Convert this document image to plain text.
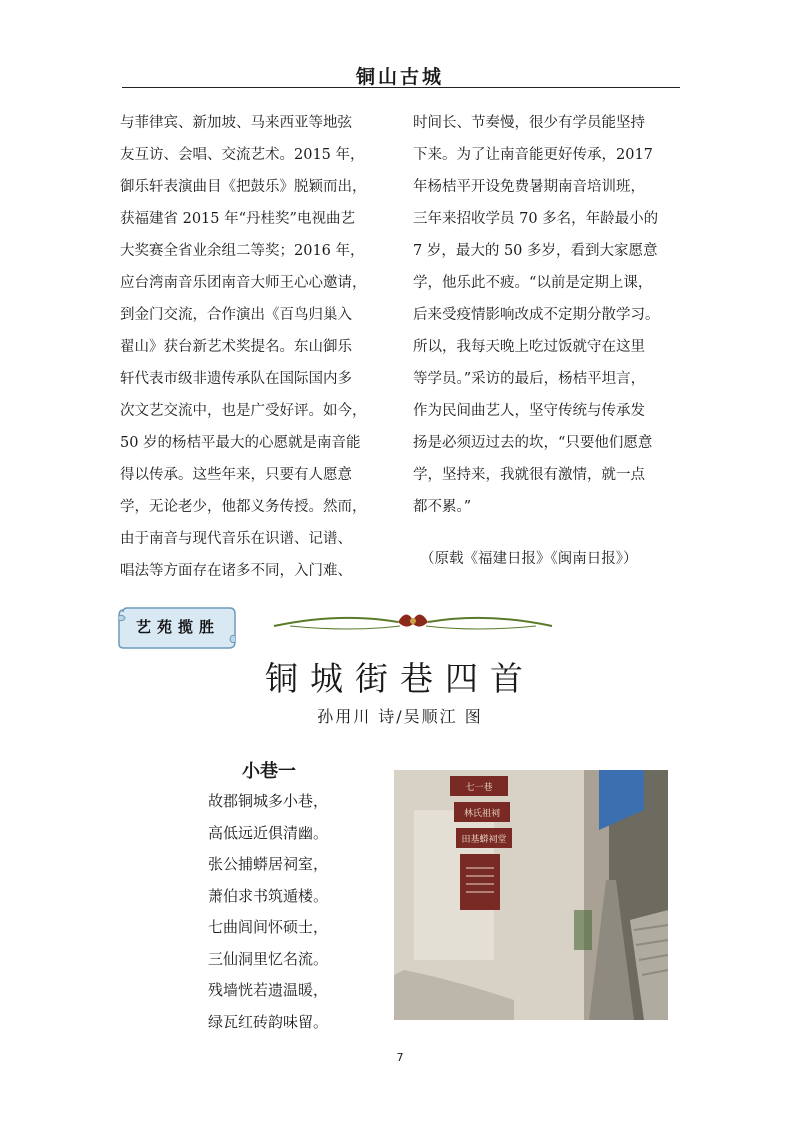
铜山古城

与菲律宾、新加坡、马来西亚等地弦

友互访、会唱、交流艺术。2015 年，

御乐轩表演曲目《把鼓乐》脱颖而出，

获福建省 2015 年“丹桂奖”电视曲艺

大奖赛全省业余组二等奖；2016 年，

应台湾南音乐团南音大师王心心邀请，

到金门交流，合作演出《百鸟归巢入

翟山》获台新艺术奖提名。东山御乐

轩代表市级非遗传承队在国际国内多

次文艺交流中，也是广受好评。如今，

50 岁的杨桔平最大的心愿就是南音能

得以传承。这些年来，只要有人愿意

学，无论老少，他都义务传授。然而，

由于南音与现代音乐在识谱、记谱、

唱法等方面存在诸多不同，入门难、

时间长、节奏慢，很少有学员能坚持

下来。为了让南音能更好传承，2017

年杨桔平开设免费暑期南音培训班，

三年来招收学员 70 多名，年龄最小的

7 岁，最大的 50 多岁，看到大家愿意

学，他乐此不疲。“以前是定期上课，

后来受疫情影响改成不定期分散学习。

所以，我每天晚上吃过饭就守在这里

等学员。”采访的最后，杨桔平坦言，

作为民间曲艺人，坚守传统与传承发

扬是必须迈过去的坎，“只要他们愿意

学，坚持来，我就很有激情，就一点

都不累。”

（原载《福建日报》《闽南日报》）
艺苑揽胜
铜城街巷四首
孙用川 诗/吴顺江 图
小巷一

故郡铜城多小巷，

高低远近俱清幽。

张公捕蟒居祠室，

萧伯求书筑遁楼。

七曲闾间怀硕士，

三仙洞里忆名流。

残墙恍若遗温暖，

绿瓦红砖韵味留。

七一巷
林氏祖祠
田基蟒祠堂
7
